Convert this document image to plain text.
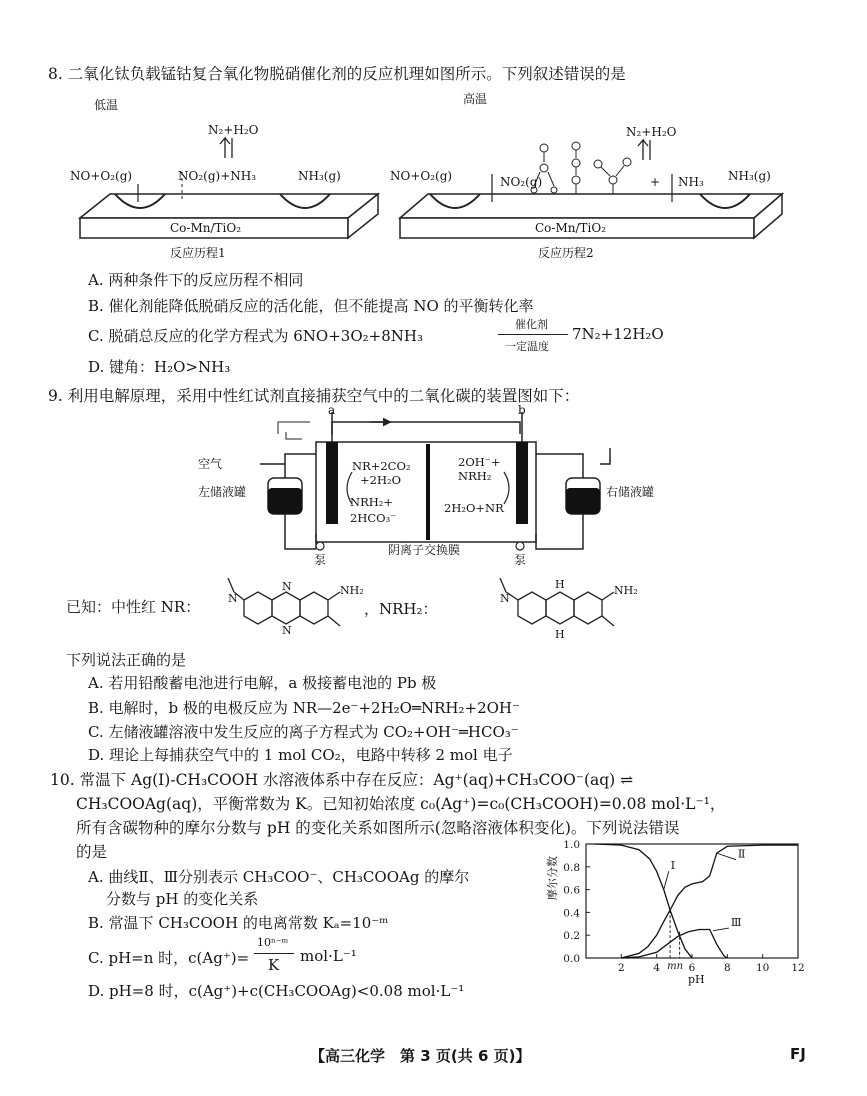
8. 二氧化钛负载锰钴复合氧化物脱硝催化剂的反应机理如图所示。下列叙述错误的是
低温	高温
NO+O₂(g)	NO₂(g)+NH₃	NH₃(g)
N₂+H₂O
Co-Mn/TiO₂
反应历程1
NO+O₂(g)	NO₂(g)	+ NH₃ NH₃(g)
N₂+H₂O
Co-Mn/TiO₂
反应历程2
A. 两种条件下的反应历程不相同
B. 催化剂能降低脱硝反应的活化能，但不能提高 NO 的平衡转化率
C. 脱硝总反应的化学方程式为 6NO+3O₂+8NH₃
催化剂
一定温度
7N₂+12H₂O
D. 键角：H₂O>NH₃
9. 利用电解原理，采用中性红试剂直接捕获空气中的二氧化碳的装置图如下：
a	b
空气
左储液罐	右储液罐
NR+2CO₂
+2H₂O
NRH₂+
2HCO₃⁻
2OH⁻+
NRH₂
2H₂O+NR
阴离子交换膜
泵	泵
已知：中性红 NR：	N
N
N
NH₂
，NRH₂：
N
H
H
NH₂
下列说法正确的是
A. 若用铅酸蓄电池进行电解，a 极接蓄电池的 Pb 极
B. 电解时，b 极的电极反应为 NR—2e⁻+2H₂O═NRH₂+2OH⁻
C. 左储液罐溶液中发生反应的离子方程式为 CO₂+OH⁻═HCO₃⁻
D. 理论上每捕获空气中的 1 mol CO₂，电路中转移 2 mol 电子
10. 常温下 Ag(Ⅰ)-CH₃COOH 水溶液体系中存在反应：Ag⁺(aq)+CH₃COO⁻(aq) ⇌
CH₃COOAg(aq)，平衡常数为 K。已知初始浓度 c₀(Ag⁺)=c₀(CH₃COOH)=0.08 mol·L⁻¹，
所有含碳物种的摩尔分数与 pH 的变化关系如图所示(忽略溶液体积变化)。下列说法错误
的是
A. 曲线Ⅱ、Ⅲ分别表示 CH₃COO⁻、CH₃COOAg 的摩尔
分数与 pH 的变化关系
B. 常温下 CH₃COOH 的电离常数 Kₐ=10⁻ᵐ
C. pH=n 时，c(Ag⁺)=
10ⁿ⁻ᵐ
K mol·L⁻¹
D. pH=8 时，c(Ag⁺)+c(CH₃COOAg)<0.08 mol·L⁻¹
0.0
0.2
0.4
0.6
0.8
1.0
2	4	6	8 10 12
Ⅰ
Ⅱ
Ⅲ
m n
摩尔分数
pH
【高三化学　第 3 页(共 6 页)】	FJ
